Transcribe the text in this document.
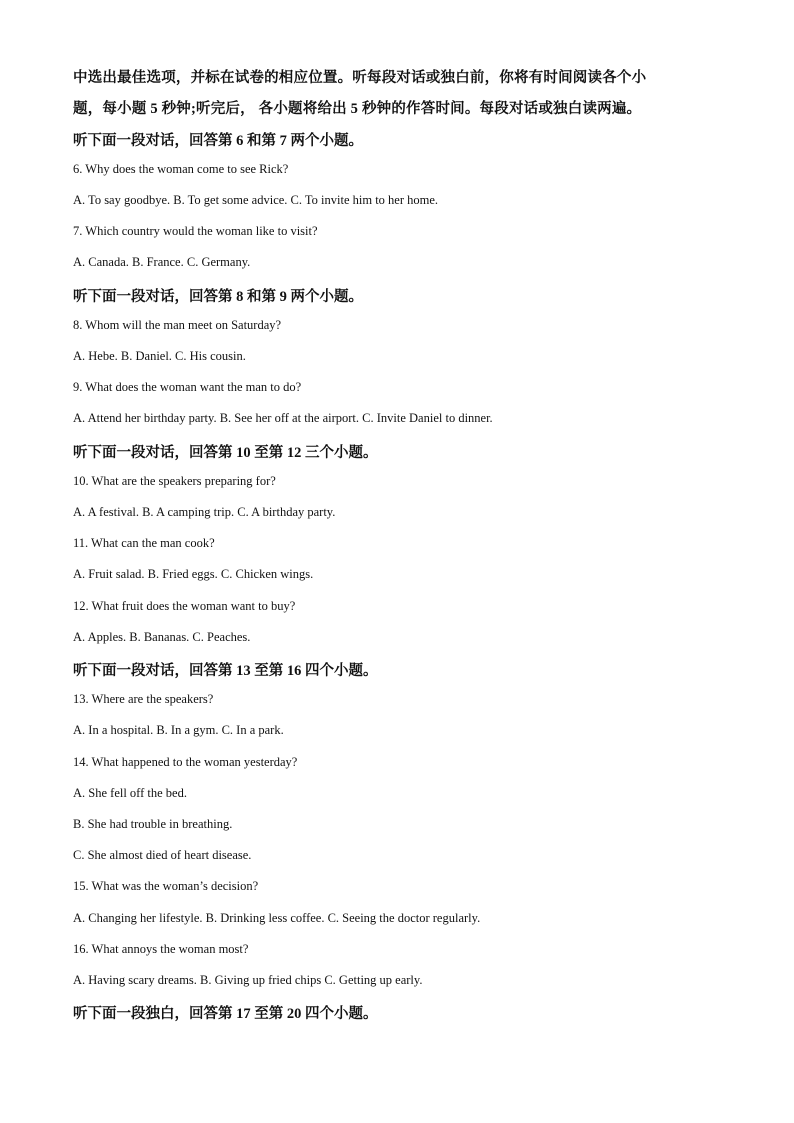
中选出最佳选项，并标在试卷的相应位置。听每段对话或独白前，你将有时间阅读各个小
题，每小题 5 秒钟;听完后， 各小题将给出 5 秒钟的作答时间。每段对话或独白读两遍。
听下面一段对话，回答第 6 和第 7 两个小题。
6. Why does the woman come to see Rick?
A. To say goodbye. B. To get some advice. C. To invite him to her home.
7. Which country would the woman like to visit?
A. Canada. B. France. C. Germany.
听下面一段对话，回答第 8 和第 9 两个小题。
8. Whom will the man meet on Saturday?
A. Hebe. B. Daniel. C. His cousin.
9. What does the woman want the man to do?
A. Attend her birthday party. B. See her off at the airport. C. Invite Daniel to dinner.
听下面一段对话，回答第 10 至第 12 三个小题。
10. What are the speakers preparing for?
A. A festival. B. A camping trip. C. A birthday party.
11. What can the man cook?
A. Fruit salad. B. Fried eggs. C. Chicken wings.
12. What fruit does the woman want to buy?
A. Apples. B. Bananas. C. Peaches.
听下面一段对话，回答第 13 至第 16 四个小题。
13. Where are the speakers?
A. In a hospital. B. In a gym. C. In a park.
14. What happened to the woman yesterday?
A. She fell off the bed.
B. She had trouble in breathing.
C. She almost died of heart disease.
15. What was the woman’s decision?
A. Changing her lifestyle. B. Drinking less coffee. C. Seeing the doctor regularly.
16. What annoys the woman most?
A. Having scary dreams. B. Giving up fried chips C. Getting up early.
听下面一段独白，回答第 17 至第 20 四个小题。
